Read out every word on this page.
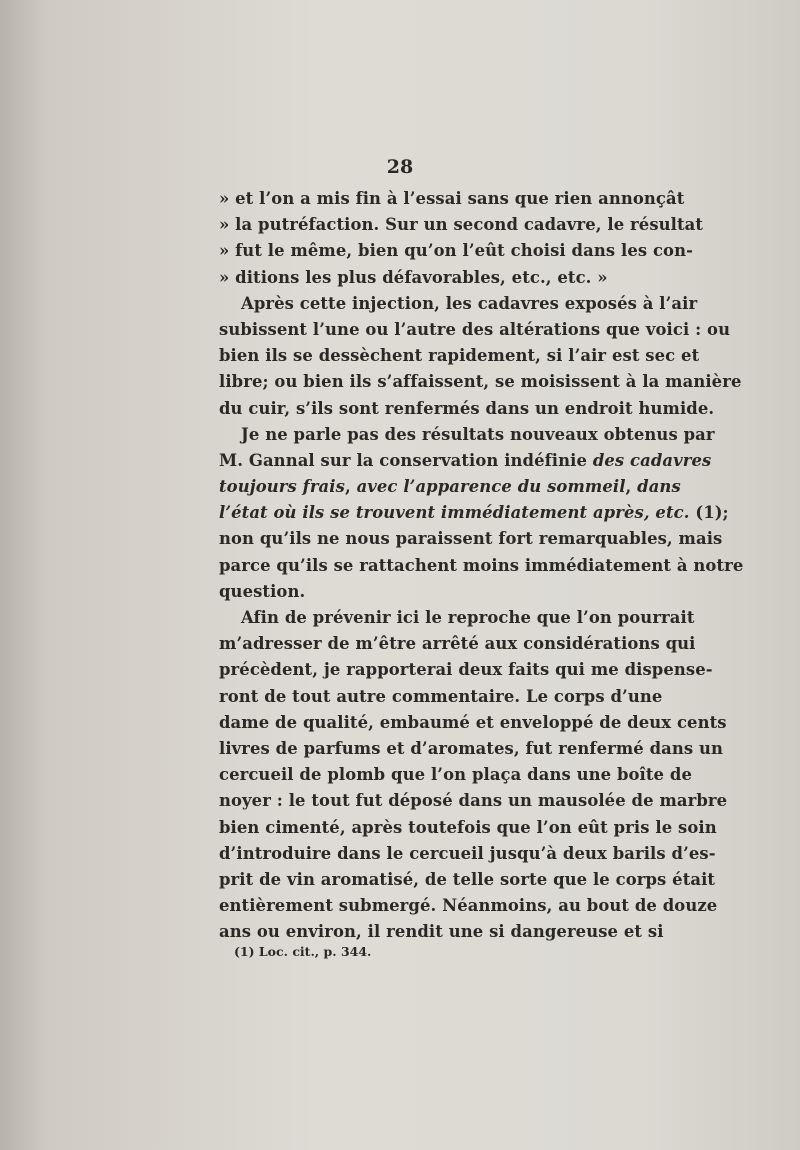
28
» et l’on a mis fin à l’essai sans que rien annonçât
» la putréfaction. Sur un second cadavre, le résultat
» fut le même, bien qu’on l’eût choisi dans les con-
» ditions les plus défavorables, etc., etc. »
Après cette injection, les cadavres exposés à l’air
subissent l’une ou l’autre des altérations que voici : ou
bien ils se dessèchent rapidement, si l’air est sec et
libre; ou bien ils s’affaissent, se moisissent à la manière
du cuir, s’ils sont renfermés dans un endroit humide.
Je ne parle pas des résultats nouveaux obtenus par
M. Gannal sur la conservation indéfinie des cadavres
toujours frais, avec l’apparence du sommeil, dans
l’état où ils se trouvent immédiatement après, etc. (1);
non qu’ils ne nous paraissent fort remarquables, mais
parce qu’ils se rattachent moins immédiatement à notre
question.
Afin de prévenir ici le reproche que l’on pourrait
m’adresser de m’être arrêté aux considérations qui
précèdent, je rapporterai deux faits qui me dispense-
ront de tout autre commentaire. Le corps d’une
dame de qualité, embaumé et enveloppé de deux cents
livres de parfums et d’aromates, fut renfermé dans un
cercueil de plomb que l’on plaça dans une boîte de
noyer : le tout fut déposé dans un mausolée de marbre
bien cimenté, après toutefois que l’on eût pris le soin
d’introduire dans le cercueil jusqu’à deux barils d’es-
prit de vin aromatisé, de telle sorte que le corps était
entièrement submergé. Néanmoins, au bout de douze
ans ou environ, il rendit une si dangereuse et si
(1) Loc. cit., p. 344.
